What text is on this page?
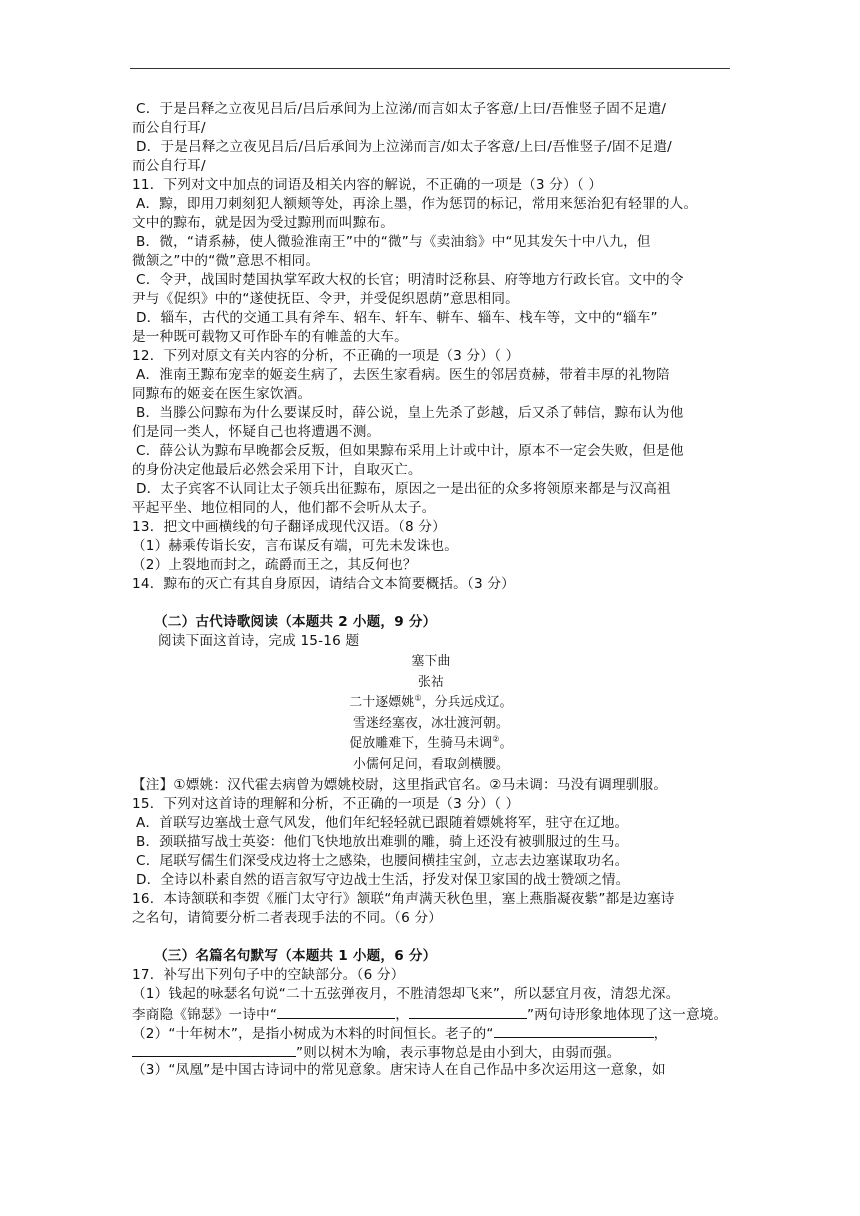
C．于是吕释之立夜见吕后/吕后承间为上泣涕/而言如太子客意/上曰/吾惟竖子固不足遣/
而公自行耳/
D．于是吕释之立夜见吕后/吕后承间为上泣涕而言/如太子客意/上曰/吾惟竖子/固不足遣/
而公自行耳/
11．下列对文中加点的词语及相关内容的解说，不正确的一项是（3 分）（ ）
A．黥，即用刀刺刻犯人额颊等处，再涂上墨，作为惩罚的标记，常用来惩治犯有轻罪的人。
文中的黥布，就是因为受过黥刑而叫黥布。
B．微，“请系赫，使人微验淮南王”中的“微”与《卖油翁》中“见其发矢十中八九，但
微颔之”中的“微”意思不相同。
C．令尹，战国时楚国执掌军政大权的长官；明清时泛称县、府等地方行政长官。文中的令
尹与《促织》中的“遂使抚臣、令尹，并受促织恩荫”意思相同。
D．辎车，古代的交通工具有斧车、轺车、轩车、軿车、辎车、栈车等，文中的“辎车”
是一种既可载物又可作卧车的有帷盖的大车。
12．下列对原文有关内容的分析，不正确的一项是（3 分）（ ）
A．淮南王黥布宠幸的姬妾生病了，去医生家看病。医生的邻居贲赫，带着丰厚的礼物陪
同黥布的姬妾在医生家饮酒。
B．当滕公问黥布为什么要谋反时，薛公说，皇上先杀了彭越，后又杀了韩信，黥布认为他
们是同一类人，怀疑自己也将遭遇不测。
C．薛公认为黥布早晚都会反叛，但如果黥布采用上计或中计，原本不一定会失败，但是他
的身份决定他最后必然会采用下计，自取灭亡。
D．太子宾客不认同让太子领兵出征黥布，原因之一是出征的众多将领原来都是与汉高祖
平起平坐、地位相同的人，他们都不会听从太子。
13．把文中画横线的句子翻译成现代汉语。（8 分）
（1）赫乘传诣长安，言布谋反有端，可先未发诛也。
（2）上裂地而封之，疏爵而王之，其反何也？
14．黥布的灭亡有其自身原因，请结合文本简要概括。（3 分）
（二）古代诗歌阅读（本题共 2 小题，9 分）
阅读下面这首诗，完成 15-16 题
塞下曲
张祜
二十逐嫖姚①，分兵远戍辽。
雪迷经塞夜，冰壮渡河朝。
促放雕难下，生骑马未调②。
小儒何足问，看取剑横腰。
【注】①嫖姚：汉代霍去病曾为嫖姚校尉，这里指武官名。②马未调：马没有调理驯服。
15．下列对这首诗的理解和分析，不正确的一项是（3 分）（ ）
A．首联写边塞战士意气风发，他们年纪轻轻就已跟随着嫖姚将军，驻守在辽地。
B．颈联描写战士英姿：他们飞快地放出难驯的雕，骑上还没有被驯服过的生马。
C．尾联写儒生们深受戍边将士之感染，也腰间横挂宝剑，立志去边塞谋取功名。
D．全诗以朴素自然的语言叙写守边战士生活，抒发对保卫家国的战士赞颂之情。
16．本诗颔联和李贺《雁门太守行》颔联“角声满天秋色里，塞上燕脂凝夜紫”都是边塞诗
之名句，请简要分析二者表现手法的不同。（6 分）
（三）名篇名句默写（本题共 1 小题，6 分）
17．补写出下列句子中的空缺部分。（6 分）
（1）钱起的咏瑟名句说“二十五弦弹夜月，不胜清怨却飞来”，所以瑟宜月夜，清怨尤深。
李商隐《锦瑟》一诗中“	，	”两句诗形象地体现了这一意境。
（2）“十年树木”，是指小树成为木料的时间恒长。老子的“	，
”则以树木为喻，表示事物总是由小到大，由弱而强。
（3）“凤凰”是中国古诗词中的常见意象。唐宋诗人在自己作品中多次运用这一意象，如
